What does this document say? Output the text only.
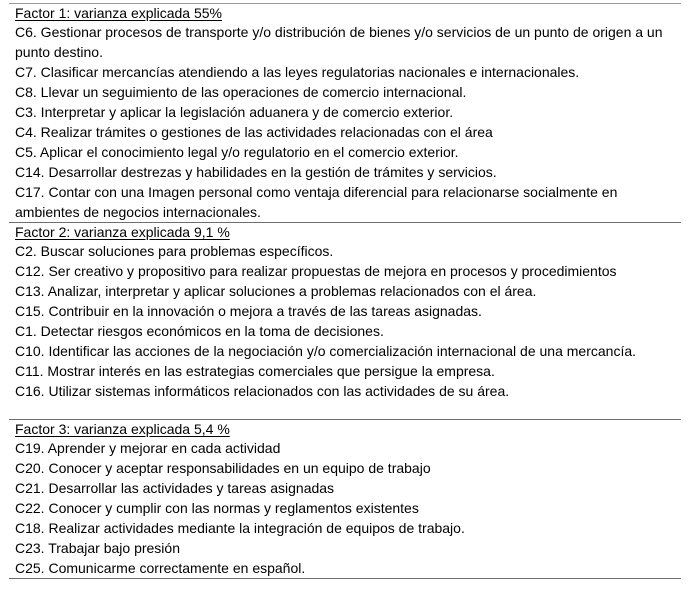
Factor 1: varianza explicada 55%
C6. Gestionar procesos de transporte y/o distribución de bienes y/o servicios de un punto de origen a un punto destino.
C7. Clasificar mercancías atendiendo a las leyes regulatorias nacionales e internacionales.
C8. Llevar un seguimiento de las operaciones de comercio internacional.
C3. Interpretar y aplicar la legislación aduanera y de comercio exterior.
C4. Realizar trámites o gestiones de las actividades relacionadas con el área
C5. Aplicar el conocimiento legal y/o regulatorio en el comercio exterior.
C14. Desarrollar destrezas y habilidades en la gestión de trámites y servicios.
C17. Contar con una Imagen personal como ventaja diferencial para relacionarse socialmente en ambientes de negocios internacionales.
Factor 2: varianza explicada 9,1 %
C2. Buscar soluciones para problemas específicos.
C12. Ser creativo y propositivo para realizar propuestas de mejora en procesos y procedimientos
C13. Analizar, interpretar y aplicar soluciones a problemas relacionados con el área.
C15. Contribuir en la innovación o mejora a través de las tareas asignadas.
C1. Detectar riesgos económicos en la toma de decisiones.
C10. Identificar las acciones de la negociación y/o comercialización internacional de una mercancía.
C11. Mostrar interés en las estrategias comerciales que persigue la empresa.
C16. Utilizar sistemas informáticos relacionados con las actividades de su área.
Factor 3: varianza explicada 5,4 %
C19. Aprender y mejorar en cada actividad
C20. Conocer y aceptar responsabilidades en un equipo de trabajo
C21. Desarrollar las actividades y tareas asignadas
C22. Conocer y cumplir con las normas y reglamentos existentes
C18. Realizar actividades mediante la integración de equipos de trabajo.
C23. Trabajar bajo presión
C25. Comunicarme correctamente en español.
